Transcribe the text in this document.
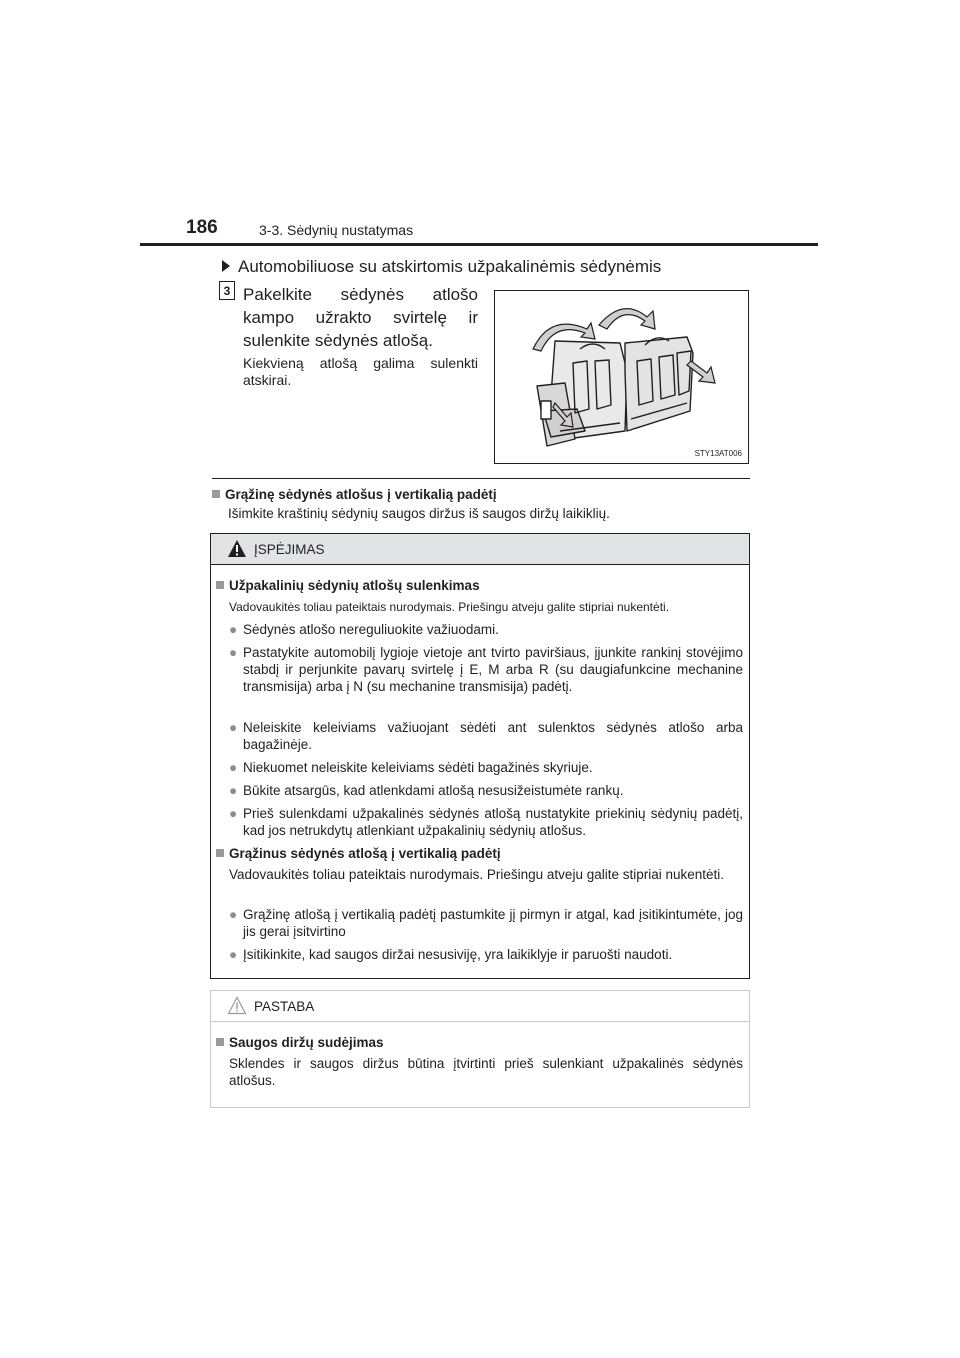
186	3-3. Sėdynių nustatymas
Automobiliuose su atskirtomis užpakalinėmis sėdynėmis
3 Pakelkite sėdynės atlošo kampo užrakto svirtelę ir sulenkite sėdynės atlošą.
Kiekvieną atlošą galima sulenkti atskirai.
STY13AT006
Grąžinę sėdynės atlošus į vertikalią padėtį
Išimkite kraštinių sėdynių saugos diržus iš saugos diržų laikiklių.
ĮSPĖJIMAS
Užpakalinių sėdynių atlošų sulenkimas
Vadovaukitės toliau pateiktais nurodymais. Priešingu atveju galite stipriai nukentėti.
● Sėdynės atlošo nereguliuokite važiuodami.
● Pastatykite automobilį lygioje vietoje ant tvirto paviršiaus, įjunkite rankinį stovėjimo stabdį ir perjunkite pavarų svirtelę į E, M arba R (su daugiafunkcine mechanine transmisija) arba į N (su mechanine transmisija) padėtį.
● Neleiskite keleiviams važiuojant sėdėti ant sulenktos sėdynės atlošo arba bagažinėje.
● Niekuomet neleiskite keleiviams sėdėti bagažinės skyriuje.
● Būkite atsargūs, kad atlenkdami atlošą nesusižeistumėte rankų.
● Prieš sulenkdami užpakalinės sėdynės atlošą nustatykite priekinių sėdynių padėtį, kad jos netrukdytų atlenkiant užpakalinių sėdynių atlošus.
Grąžinus sėdynės atlošą į vertikalią padėtį
Vadovaukitės toliau pateiktais nurodymais. Priešingu atveju galite stipriai nukentėti.
● Grąžinę atlošą į vertikalią padėtį pastumkite jį pirmyn ir atgal, kad įsitikintumėte, jog jis gerai įsitvirtino
● Įsitikinkite, kad saugos diržai nesusiviję, yra laikiklyje ir paruošti naudoti.
PASTABA
Saugos diržų sudėjimas
Sklendes ir saugos diržus būtina įtvirtinti prieš sulenkiant užpakalinės sėdynės atlošus.
